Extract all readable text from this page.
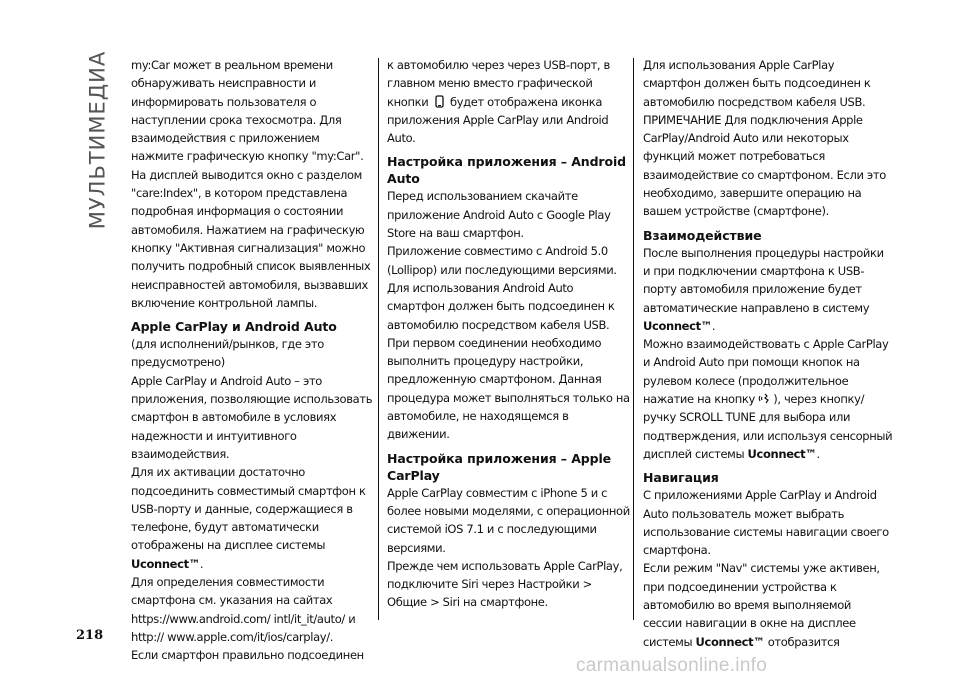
МУЛЬТИМЕДИА my:Car может в реальном времени обнаруживать неисправности и информировать пользователя о наступлении срока техосмотра. Для взаимодействия с приложением нажмите графическую кнопку "my:Car".

На дисплей выводится окно с разделом "care:Index", в котором представлена подробная информация о состоянии автомобиля. Нажатием на графическую кнопку "Активная сигнализация" можно получить подробный список выявленных неисправностей автомобиля, вызвавших включение контрольной лампы.

Apple CarPlay и Android Auto

(для исполнений/рынков, где это предусмотрено)

Apple CarPlay и Android Auto – это приложения, позволяющие использовать смартфон в автомобиле в условиях надежности и интуитивного взаимодействия.

Для их активации достаточно подсоединить совместимый смартфон к USB-порту и данные, содержащиеся в телефоне, будут автоматически отображены на дисплее системы Uconnect™.

Для определения совместимости смартфона см. указания на сайтах https://www.android.com/ intl/it_it/auto/ и http:// www.apple.com/it/ios/carplay/.

Если смартфон правильно подсоединен

к автомобилю через через USB-порт, в главном меню вместо графической кнопки будет отображена иконка приложения Apple CarPlay или Android Auto.

Настройка приложения – Android Auto

Перед использованием скачайте приложение Android Auto с Google Play Store на ваш смартфон.

Приложение совместимо с Android 5.0 (Lollipop) или последующими версиями.

Для использования Android Auto смартфон должен быть подсоединен к автомобилю посредством кабеля USB.

При первом соединении необходимо выполнить процедуру настройки, предложенную смартфоном. Данная процедура может выполняться только на автомобиле, не находящемся в движении.

Настройка приложения – Apple CarPlay

Apple CarPlay совместим с iPhone 5 и с более новыми моделями, с операционной системой iOS 7.1 и с последующими версиями.

Прежде чем использовать Apple CarPlay, подключите Siri через Настройки > Общие > Siri на смартфоне.

Для использования Apple CarPlay смартфон должен быть подсоединен к автомобилю посредством кабеля USB.

ПРИМЕЧАНИЕ Для подключения Apple CarPlay/Android Auto или некоторых функций может потребоваться взаимодействие со смартфоном. Если это необходимо, завершите операцию на вашем устройстве (смартфоне).

Взаимодействие

После выполнения процедуры настройки и при подключении смартфона к USB-порту автомобиля приложение будет автоматические направлено в систему Uconnect™.

Можно взаимодействовать с Apple CarPlay и Android Auto при помощи кнопок на рулевом колесе (продолжительное нажатие на кнопку ), через кнопку/ручку SCROLL TUNE для выбора или подтверждения, или используя сенсорный дисплей системы Uconnect™.

Навигация

С приложениями Apple CarPlay и Android Auto пользователь может выбрать использование системы навигации своего смартфона.

Если режим "Nav" системы уже активен, при подсоединении устройства к автомобилю во время выполняемой сессии навигации в окне на дисплее системы Uconnect™ отобразится

218
carmanualsonline.info
